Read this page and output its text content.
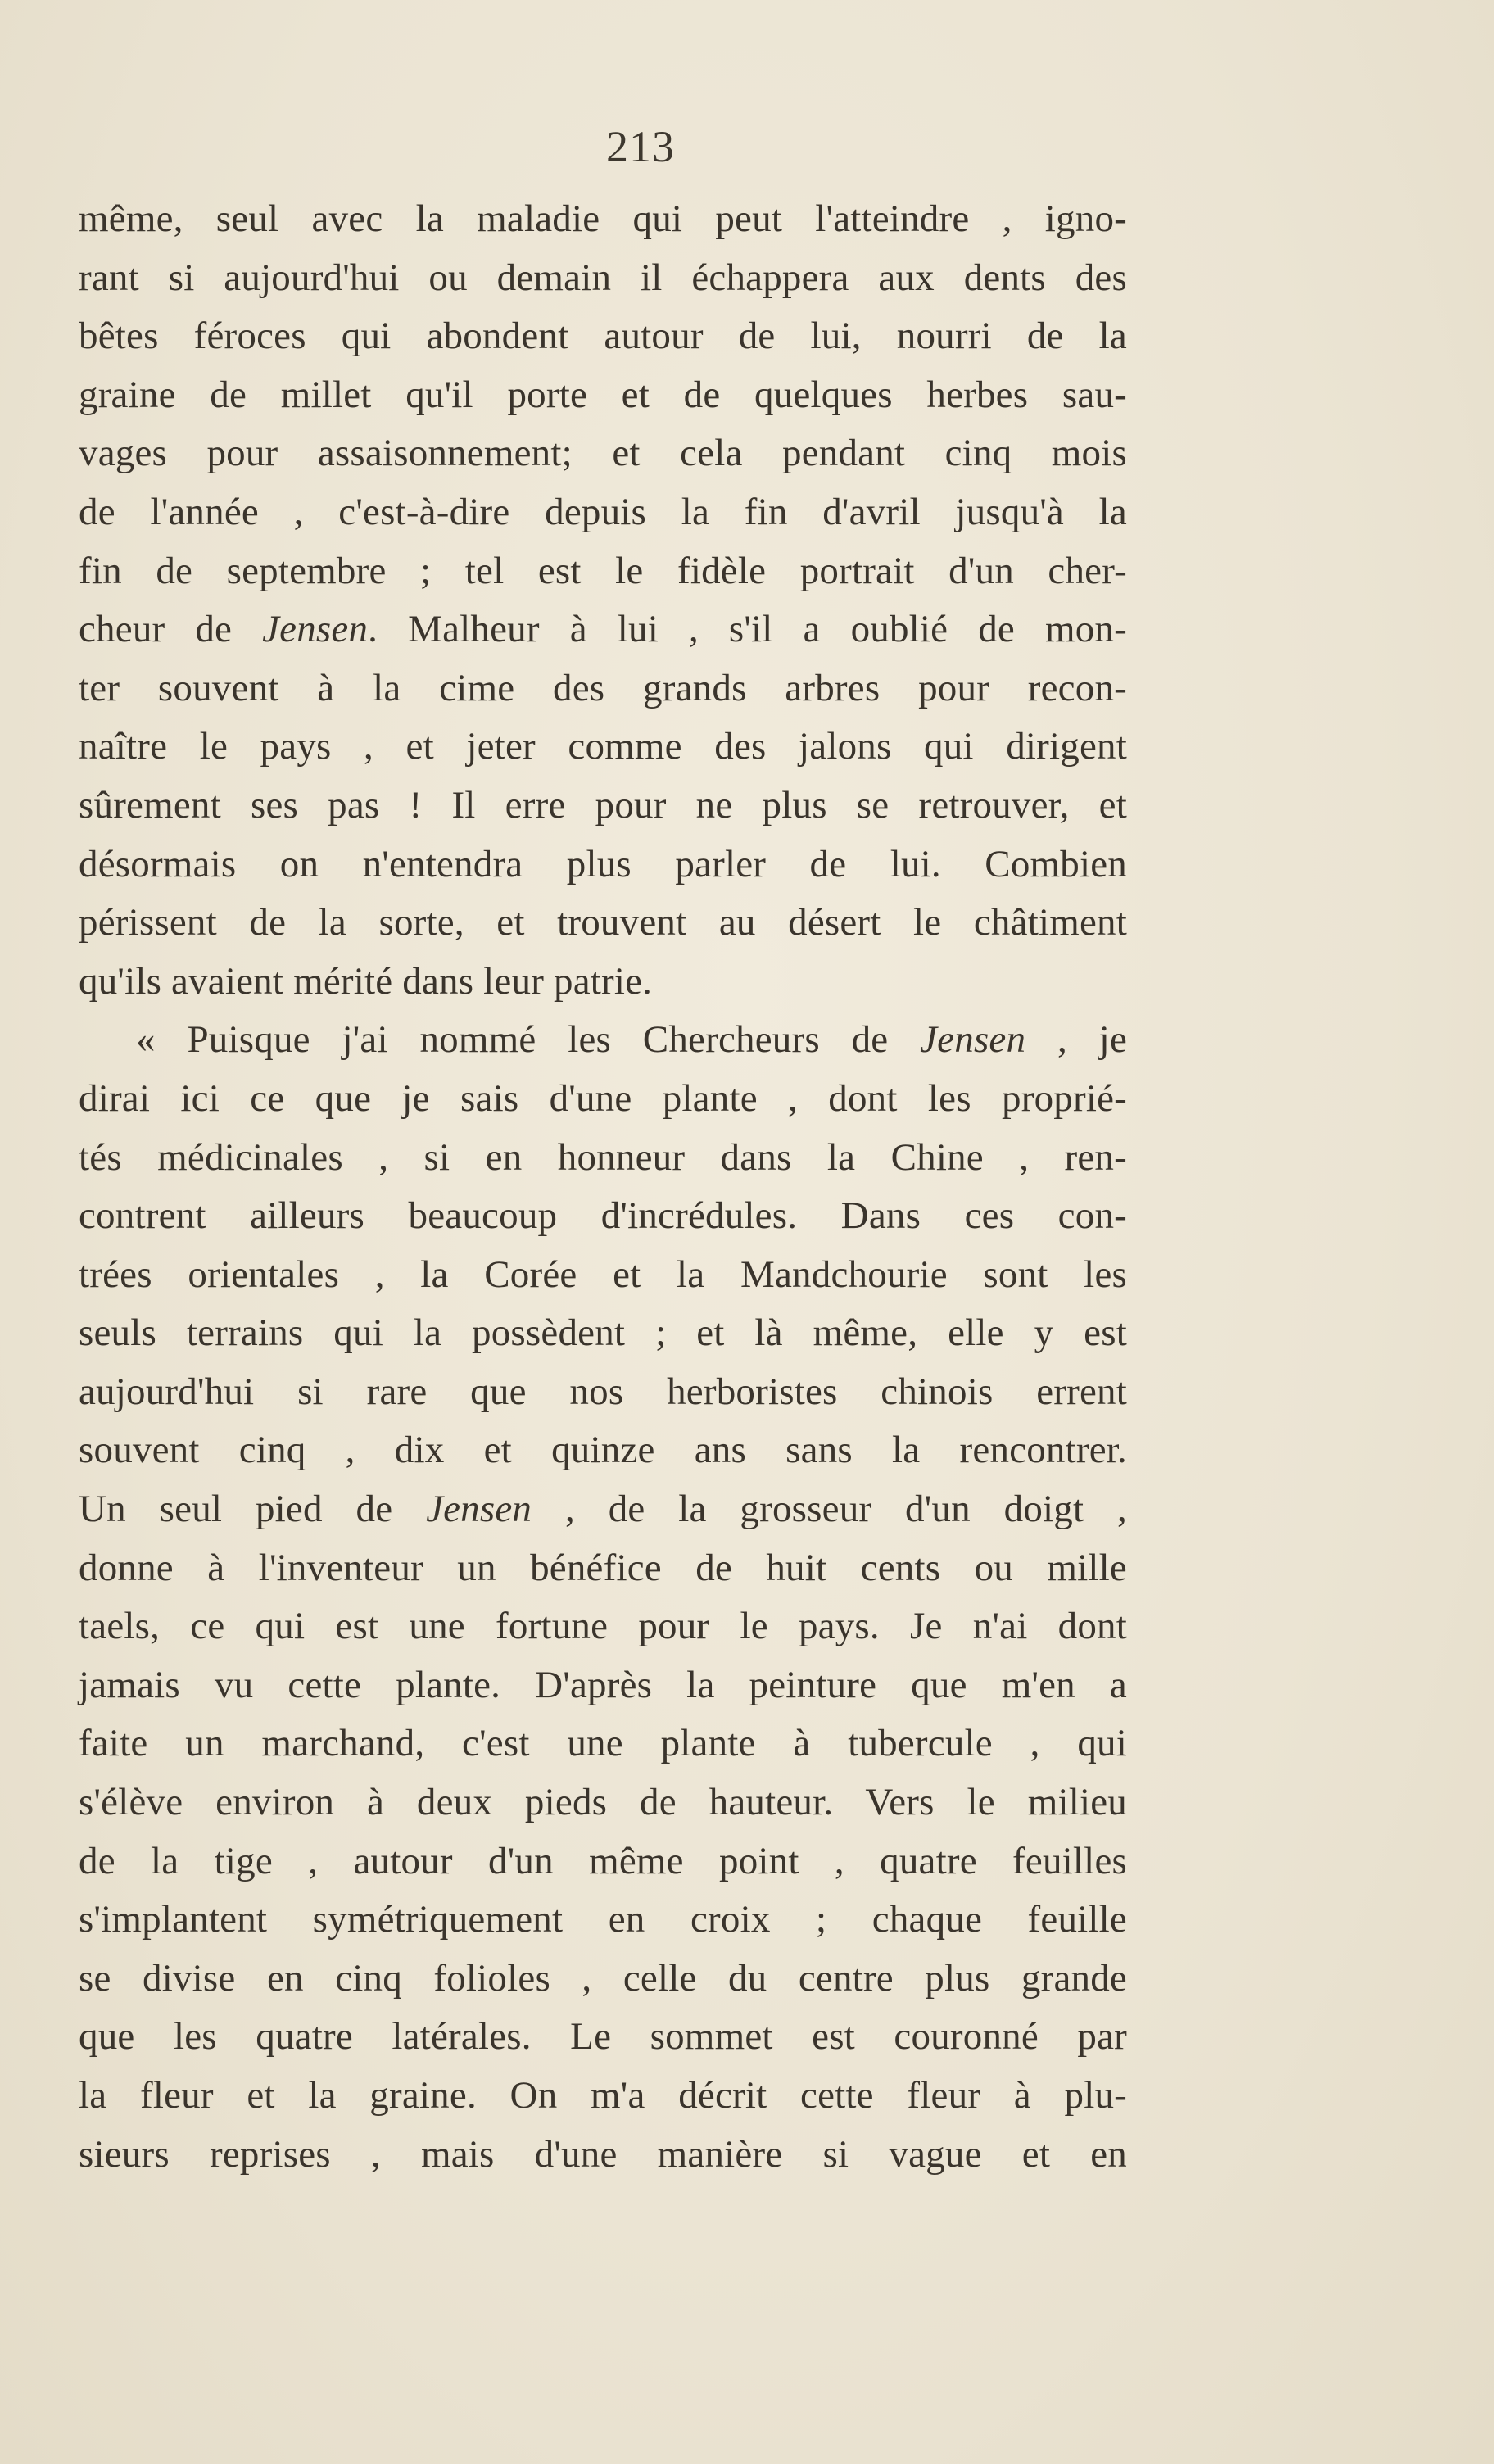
213
même, seul avec la maladie qui peut l'atteindre , igno-
rant si aujourd'hui ou demain il échappera aux dents des
bêtes féroces qui abondent autour de lui, nourri de la
graine de millet qu'il porte et de quelques herbes sau-
vages pour assaisonnement; et cela pendant cinq mois
de l'année , c'est-à-dire depuis la fin d'avril jusqu'à la
fin de septembre ; tel est le fidèle portrait d'un cher-
cheur de Jensen. Malheur à lui , s'il a oublié de mon-
ter souvent à la cime des grands arbres pour recon-
naître le pays , et jeter comme des jalons qui dirigent
sûrement ses pas ! Il erre pour ne plus se retrouver, et
désormais on n'entendra plus parler de lui. Combien
périssent de la sorte, et trouvent au désert le châtiment
qu'ils avaient mérité dans leur patrie.
« Puisque j'ai nommé les Chercheurs de Jensen , je
dirai ici ce que je sais d'une plante , dont les proprié-
tés médicinales , si en honneur dans la Chine , ren-
contrent ailleurs beaucoup d'incrédules. Dans ces con-
trées orientales , la Corée et la Mandchourie sont les
seuls terrains qui la possèdent ; et là même, elle y est
aujourd'hui si rare que nos herboristes chinois errent
souvent cinq , dix et quinze ans sans la rencontrer.
Un seul pied de Jensen , de la grosseur d'un doigt ,
donne à l'inventeur un bénéfice de huit cents ou mille
taels, ce qui est une fortune pour le pays. Je n'ai dont
jamais vu cette plante. D'après la peinture que m'en a
faite un marchand, c'est une plante à tubercule , qui
s'élève environ à deux pieds de hauteur. Vers le milieu
de la tige , autour d'un même point , quatre feuilles
s'implantent symétriquement en croix ; chaque feuille
se divise en cinq folioles , celle du centre plus grande
que les quatre latérales. Le sommet est couronné par
la fleur et la graine. On m'a décrit cette fleur à plu-
sieurs reprises , mais d'une manière si vague et en
